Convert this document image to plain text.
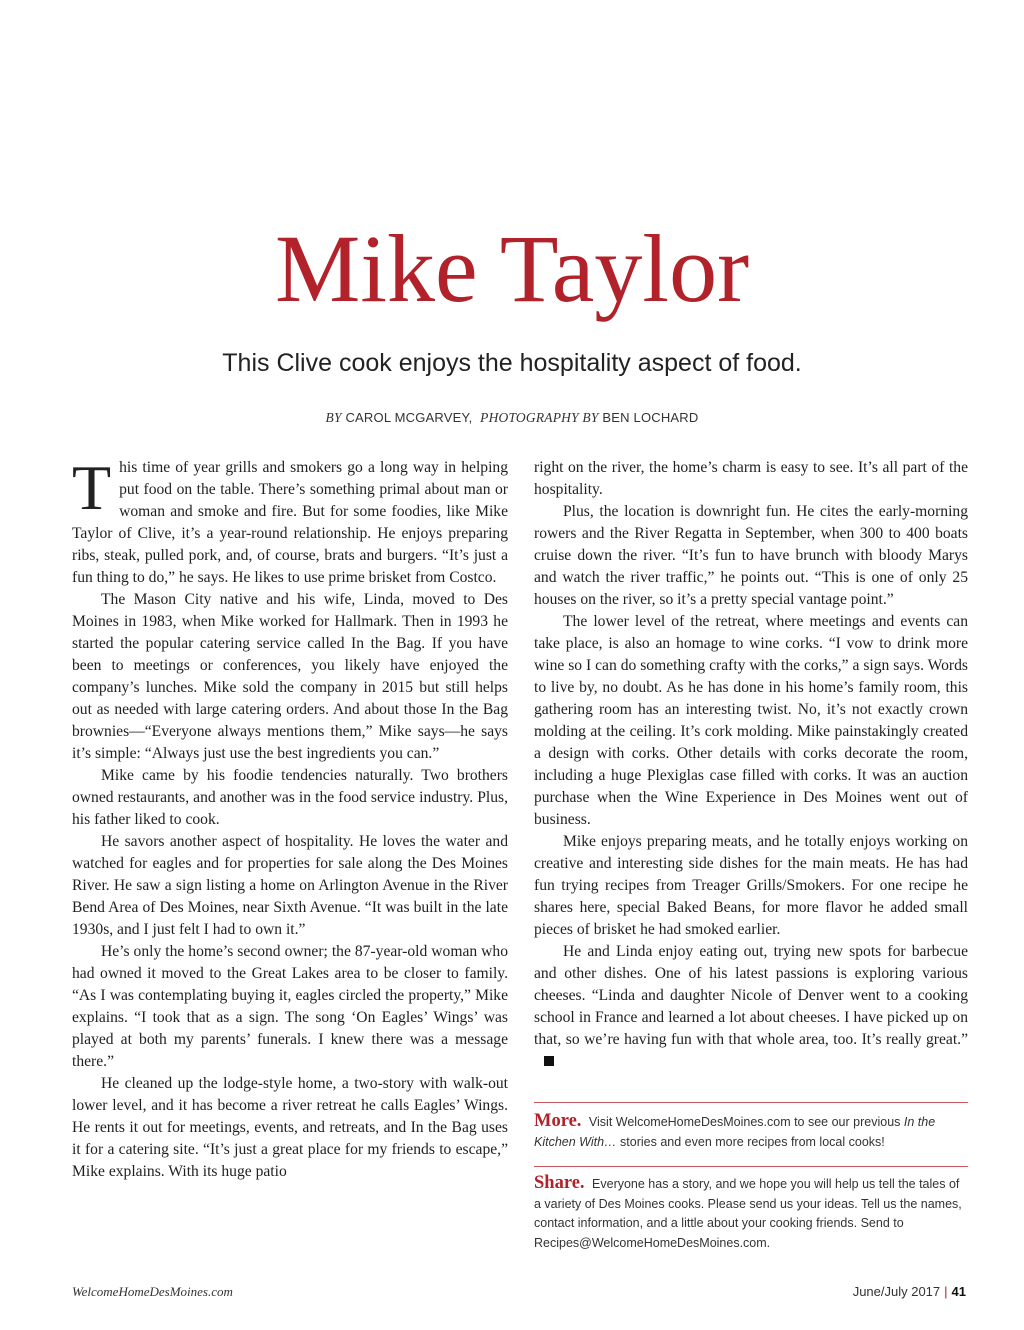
Mike Taylor
This Clive cook enjoys the hospitality aspect of food.
BY CAROL MCGARVEY, PHOTOGRAPHY BY BEN LOCHARD

This time of year grills and smokers go a long way in helping put food on the table. There’s something primal about man or woman and smoke and fire. But for some foodies, like Mike Taylor of Clive, it’s a year-round relationship. He enjoys preparing ribs, steak, pulled pork, and, of course, brats and burgers. “It’s just a fun thing to do,” he says. He likes to use prime brisket from Costco.

The Mason City native and his wife, Linda, moved to Des Moines in 1983, when Mike worked for Hallmark. Then in 1993 he started the popular catering service called In the Bag. If you have been to meetings or conferences, you likely have enjoyed the company’s lunches. Mike sold the company in 2015 but still helps out as needed with large catering orders. And about those In the Bag brownies—“Everyone always mentions them,” Mike says—he says it’s simple: “Always just use the best ingredients you can.”

Mike came by his foodie tendencies naturally. Two brothers owned restaurants, and another was in the food service industry. Plus, his father liked to cook.

He savors another aspect of hospitality. He loves the water and watched for eagles and for properties for sale along the Des Moines River. He saw a sign listing a home on Arlington Avenue in the River Bend Area of Des Moines, near Sixth Avenue. “It was built in the late 1930s, and I just felt I had to own it.”

He’s only the home’s second owner; the 87-year-old woman who had owned it moved to the Great Lakes area to be closer to family. “As I was contemplating buying it, eagles circled the property,” Mike explains. “I took that as a sign. The song ‘On Eagles’ Wings’ was played at both my parents’ funerals. I knew there was a message there.”

He cleaned up the lodge-style home, a two-story with walk-out lower level, and it has become a river retreat he calls Eagles’ Wings. He rents it out for meetings, events, and retreats, and In the Bag uses it for a catering site. “It’s just a great place for my friends to escape,” Mike explains. With its huge patio

right on the river, the home’s charm is easy to see. It’s all part of the hospitality.

Plus, the location is downright fun. He cites the early-morning rowers and the River Regatta in September, when 300 to 400 boats cruise down the river. “It’s fun to have brunch with bloody Marys and watch the river traffic,” he points out. “This is one of only 25 houses on the river, so it’s a pretty special vantage point.”

The lower level of the retreat, where meetings and events can take place, is also an homage to wine corks. “I vow to drink more wine so I can do something crafty with the corks,” a sign says. Words to live by, no doubt. As he has done in his home’s family room, this gathering room has an interesting twist. No, it’s not exactly crown molding at the ceiling. It’s cork molding. Mike painstakingly created a design with corks. Other details with corks decorate the room, including a huge Plexiglas case filled with corks. It was an auction purchase when the Wine Experience in Des Moines went out of business.

Mike enjoys preparing meats, and he totally enjoys working on creative and interesting side dishes for the main meats. He has had fun trying recipes from Treager Grills/Smokers. For one recipe he shares here, special Baked Beans, for more flavor he added small pieces of brisket he had smoked earlier.

He and Linda enjoy eating out, trying new spots for barbecue and other dishes. One of his latest passions is exploring various cheeses. “Linda and daughter Nicole of Denver went to a cooking school in France and learned a lot about cheeses. I have picked up on that, so we’re having fun with that whole area, too. It’s really great.”

More. Visit WelcomeHomeDesMoines.com to see our previous In the Kitchen With… stories and even more recipes from local cooks!
Share. Everyone has a story, and we hope you will help us tell the tales of a variety of Des Moines cooks. Please send us your ideas. Tell us the names, contact information, and a little about your cooking friends. Send to Recipes@WelcomeHomeDesMoines.com.
WelcomeHomeDesMoines.com	June/July 2017 | 41
